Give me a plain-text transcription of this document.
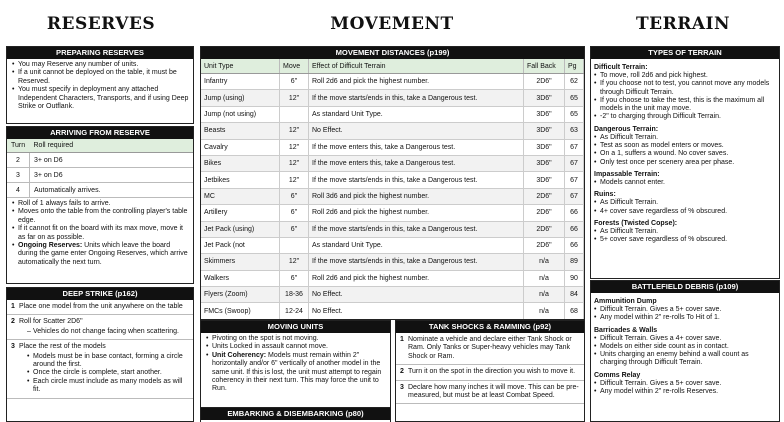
RESERVES	MOVEMENT	TERRAIN
PREPARING RESERVES
• You may Reserve any number of units.
• If a unit cannot be deployed on the table, it must be Reserved.
• You must specify in deployment any attached Independent Characters, Transports, and if using Deep Strike or Outflank.
ARRIVING FROM RESERVE
Turn	Roll required
2	3+ on D6
3	3+ on D6
4	Automatically arrives.
• Roll of 1 always fails to arrive.
• Moves onto the table from the controlling player's table edge.
• If it cannot fit on the board with its max move, move it as far on as possible.
• Ongoing Reserves: Units which leave the board during the game enter Ongoing Reserves, which arrive automatically the next turn.
DEEP STRIKE (p162)
1 Place one model from the unit anywhere on the table
2 Roll for Scatter 2D6"
– Vehicles do not change facing when scattering.
3 Place the rest of the models
• Models must be in base contact, forming a circle around the first.
• Once the circle is complete, start another.
• Each circle must include as many models as will fit.
MOVEMENT DISTANCES (p199)
Unit Type	Move	Effect of Difficult Terrain	Fall Back	Pg
Infantry	6"	Roll 2d6 and pick the highest number.	2D6"	62
Jump (using)	12"	If the move starts/ends in this, take a Dangerous test.	3D6"	65
Jump (not using)		As standard Unit Type.	3D6"	65
Beasts	12"	No Effect.	3D6"	63
Cavalry	12"	If the move enters this, take a Dangerous test.	3D6"	67
Bikes	12"	If the move enters this, take a Dangerous test.	3D6"	67
Jetbikes	12"	If the move starts/ends in this, take a Dangerous test.	3D6"	67
MC	6"	Roll 3d6 and pick the highest number.	2D6"	67
Artillery	6"	Roll 2d6 and pick the highest number.	2D6"	66
Jet Pack (using)	6"	If the move starts/ends in this, take a Dangerous test.	2D6"	66
Jet Pack (not		As standard Unit Type.	2D6"	66
Skimmers	12"	If the move starts/ends in this, take a Dangerous test.	n/a	89
Walkers	6"	Roll 2d6 and pick the highest number.	n/a	90
Flyers (Zoom)	18-36	No Effect.	n/a	84
FMCs (Swoop)	12-24	No Effect.	n/a	68

MOVING UNITS
• Pivoting on the spot is not moving.
• Units Locked in assault cannot move.
• Unit Coherency: Models must remain within 2" horizontally and/or 6" vertically of another model in the same unit. If this is lost, the unit must attempt to regain coherency in their next turn. This may force the unit to Run.
EMBARKING & DISEMBARKING (p80)
TANK SHOCKS & RAMMING (p92)
1 Nominate a vehicle and declare either Tank Shock or Ram. Only Tanks or Super-heavy vehicles may Tank Shock or Ram.
2 Turn it on the spot in the direction you wish to move it.
3 Declare how many inches it will move. This can be pre-measured, but must be at least Combat Speed.
TYPES OF TERRAIN
Difficult Terrain:
• To move, roll 2d6 and pick highest.
• If you choose not to test, you cannot move any models through Difficult Terrain.
• If you choose to take the test, this is the maximum all models in the unit may move.
• -2" to charging through Difficult Terrain.
Dangerous Terrain:
• As Difficult Terrain.
• Test as soon as model enters or moves.
• On a 1, suffers a wound. No cover saves.
• Only test once per scenery area per phase.
Impassable Terrain:
• Models cannot enter.
Ruins:
• As Difficult Terrain.
• 4+ cover save regardless of % obscured.
Forests (Twisted Copse):
• As Difficult Terrain.
• 5+ cover save regardless of % obscured.
BATTLEFIELD DEBRIS (p109)
Ammunition Dump
• Difficult Terrain. Gives a 5+ cover save.
• Any model within 2" re-rolls To Hit of 1.
Barricades & Walls
• Difficult Terrain. Gives a 4+ cover save.
• Models on either side count as in contact.
• Units charging an enemy behind a wall count as charging through Difficult Terrain.
Comms Relay
• Difficult Terrain. Gives a 5+ cover save.
• Any model within 2" re-rolls Reserves.
